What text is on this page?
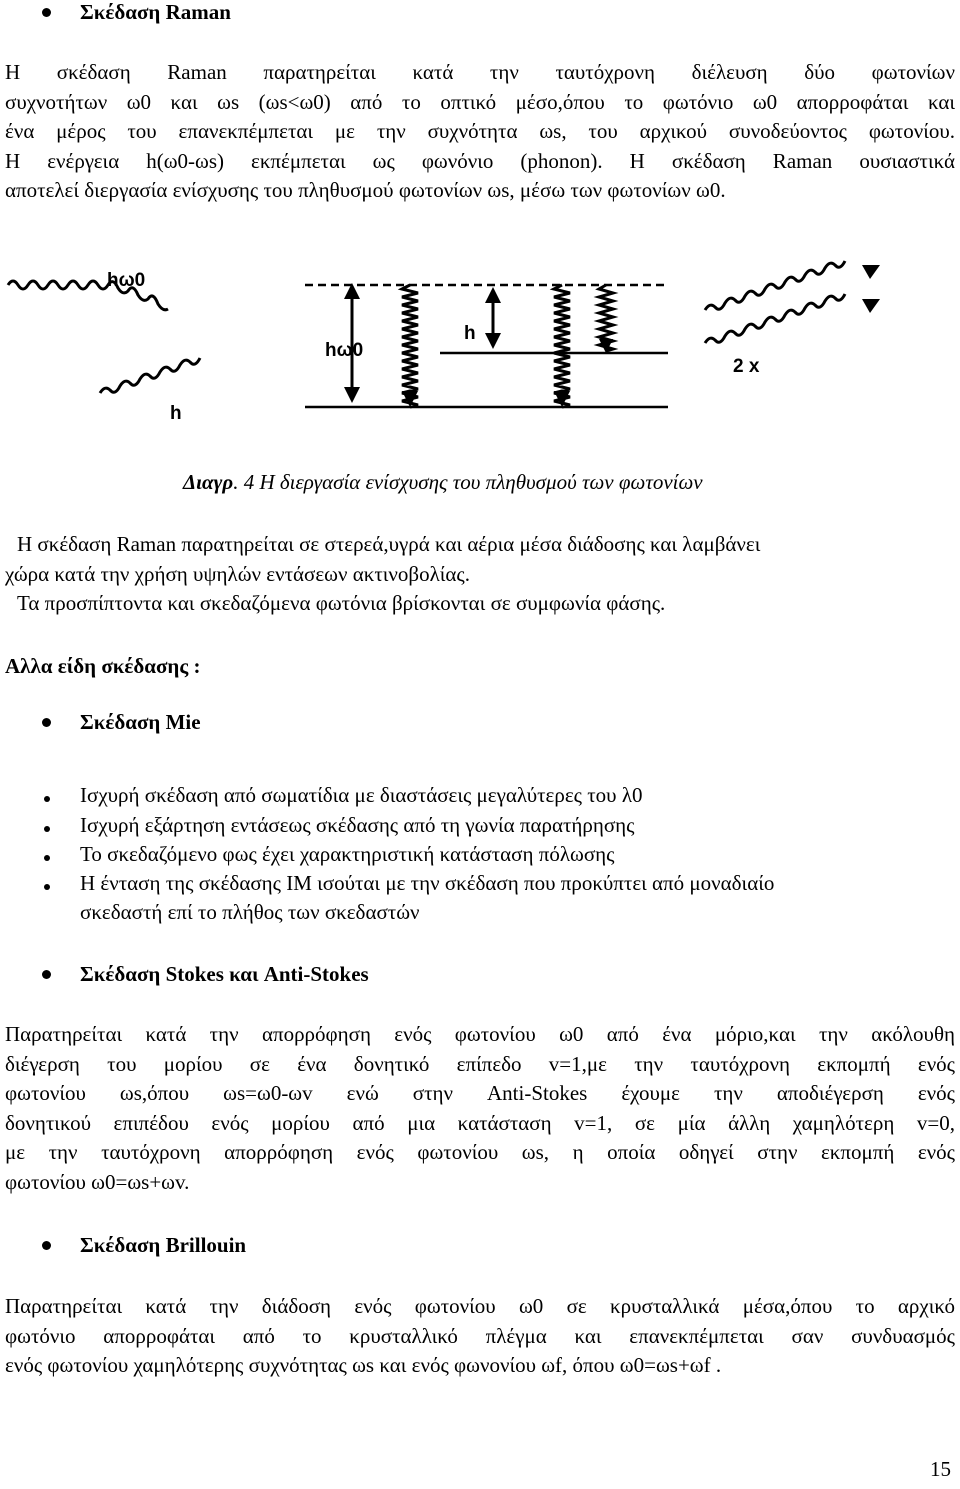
Σκέδαση Raman

Η σκέδαση Raman παρατηρείται κατά την ταυτόχρονη διέλευση δύο φωτονίων

συχνοτήτων ω0 και ωs (ωs<ω0) από το οπτικό μέσο,όπου το φωτόνιο ω0 απορροφάται και

ένα μέρος του επανεκπέμπεται με την συχνότητα ωs, του αρχικού συνοδεύοντος φωτονίου.

Η ενέργεια h(ω0-ωs) εκπέμπεται ως φωνόνιο (phonon). Η σκέδαση Raman ουσιαστικά

αποτελεί διεργασία ενίσχυσης του πληθυσμού φωτονίων ωs, μέσω των φωτονίων ω0.

hω0
h
hω0
h
2 x
Διαγρ. 4 Η διεργασία ενίσχυσης του πληθυσμού των φωτονίων

Η σκέδαση Raman παρατηρείται σε στερεά,υγρά και αέρια μέσα διάδοσης και λαμβάνει

χώρα κατά την χρήση υψηλών εντάσεων ακτινοβολίας.

Τα προσπίπτοντα και σκεδαζόμενα φωτόνια βρίσκονται σε συμφωνία φάσης.

Αλλα είδη σκέδασης :
Σκέδαση Mie
Ισχυρή σκέδαση από σωματίδια με διαστάσεις μεγαλύτερες του λ0
Ισχυρή εξάρτηση εντάσεως σκέδασης από τη γωνία παρατήρησης
Το σκεδαζόμενο φως έχει χαρακτηριστική κατάσταση πόλωσης
Η ένταση της σκέδασης IM ισούται με την σκέδαση που προκύπτει από μοναδιαίο
σκεδαστή επί το πλήθος των σκεδαστών
Σκέδαση Stokes και Anti-Stokes

Παρατηρείται κατά την απορρόφηση ενός φωτονίου ω0 από ένα μόριο,και την ακόλουθη

διέγερση του μορίου σε ένα δονητικό επίπεδο v=1,με την ταυτόχρονη εκπομπή ενός

φωτονίου ωs,όπου ωs=ω0-ωv ενώ στην Anti-Stokes έχουμε την αποδιέγερση ενός

δονητικού επιπέδου ενός μορίου από μια κατάσταση v=1, σε μία άλλη χαμηλότερη v=0,

με την ταυτόχρονη απορρόφηση ενός φωτονίου ωs, η οποία οδηγεί στην εκπομπή ενός

φωτονίου ω0=ωs+ωv.

Σκέδαση Brillouin

Παρατηρείται κατά την διάδοση ενός φωτονίου ω0 σε κρυσταλλικά μέσα,όπου το αρχικό

φωτόνιο απορροφάται από το κρυσταλλικό πλέγμα και επανεκπέμπεται σαν συνδυασμός

ενός φωτονίου χαμηλότερης συχνότητας ωs και ενός φωνονίου ωf, όπου ω0=ωs+ωf .

15
